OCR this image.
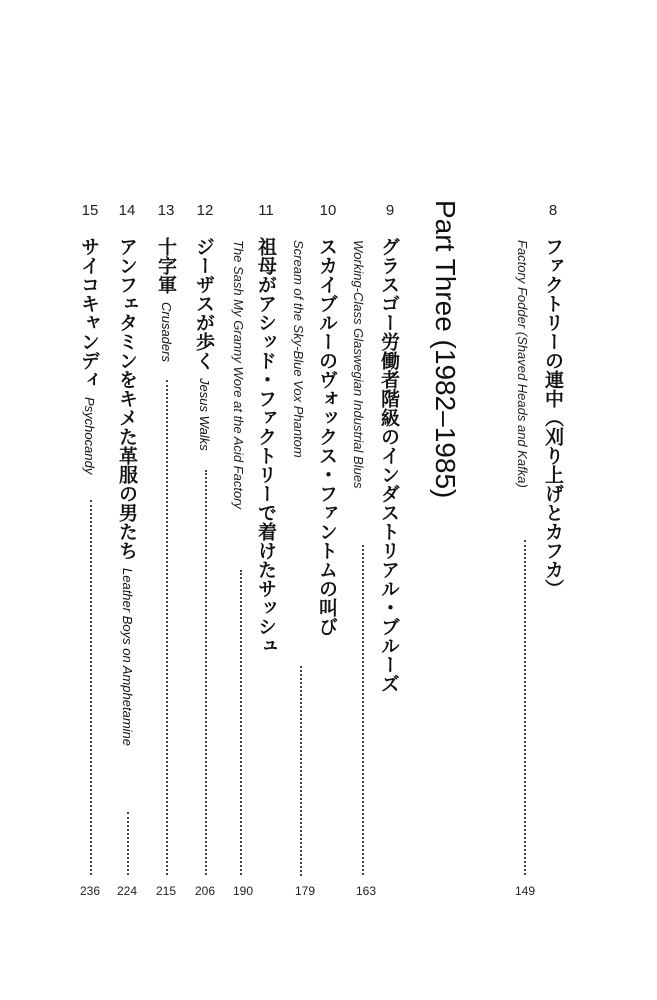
8
ファクトリーの連中（刈り上げとカフカ）
Factory Fodder (Shaved Heads and Kafka)
149
Part Three (1982–1985)
9
グラスゴー労働者階級のインダストリアル・ブルーズ
Working-Class Glaswegian Industrial Blues
163
10
スカイブルーのヴォックス・ファントムの叫び
Scream of the Sky-Blue Vox Phantom
179
11
祖母がアシッド・ファクトリーで着けたサッシュ
The Sash My Granny Wore at the Acid Factory
190
12
ジーザスが歩く
Jesus Walks
206
13
十字軍
Crusaders
215
14
アンフェタミンをキメた革服の男たち
Leather Boys on Amphetamine
224
15
サイコキャンディ
Psychocandy
236
